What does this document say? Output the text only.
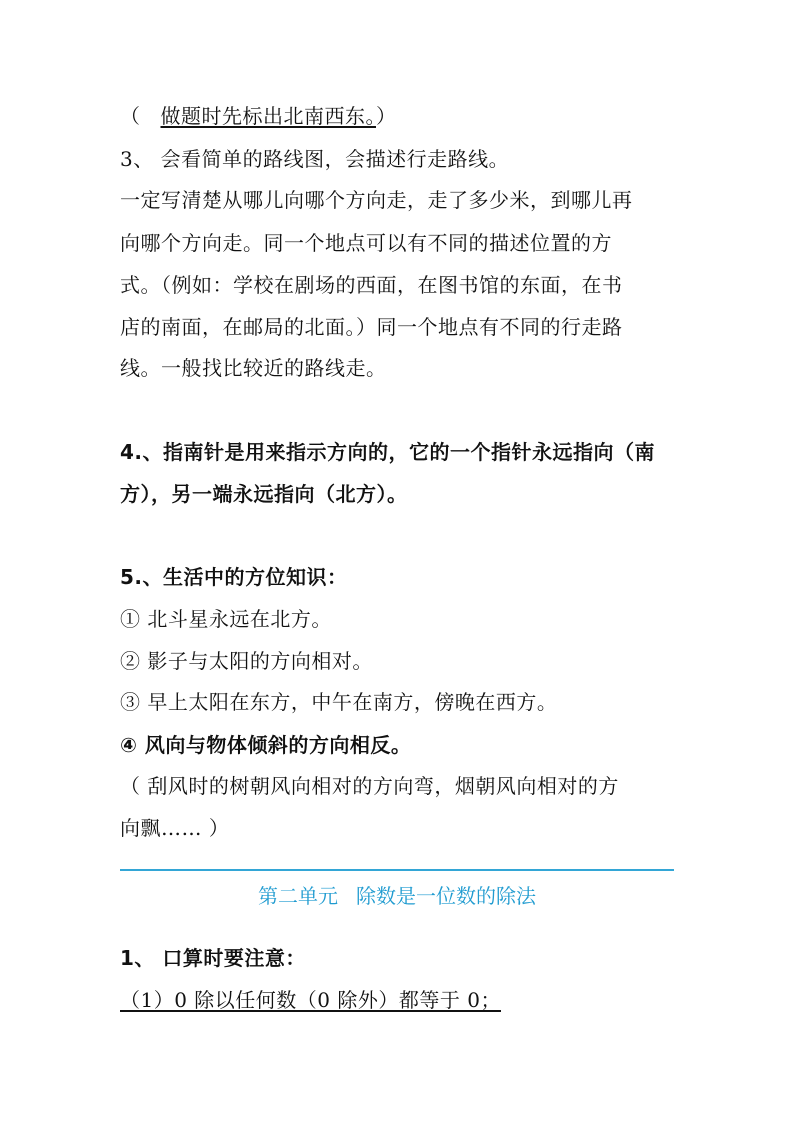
（ 做题时先标出北南西东。）
3、 会看简单的路线图，会描述行走路线。
一定写清楚从哪儿向哪个方向走，走了多少米，到哪儿再
向哪个方向走。同一个地点可以有不同的描述位置的方
式。（例如：学校在剧场的西面，在图书馆的东面，在书
店的南面，在邮局的北面。）同一个地点有不同的行走路
线。一般找比较近的路线走。
4.、指南针是用来指示方向的，它的一个指针永远指向（南
方），另一端永远指向（北方）。
5.、生活中的方位知识：
① 北斗星永远在北方。
② 影子与太阳的方向相对。
③ 早上太阳在东方，中午在南方，傍晚在西方。
④ 风向与物体倾斜的方向相反。
（ 刮风时的树朝风向相对的方向弯，烟朝风向相对的方
向飘…… ）
第二单元 除数是一位数的除法
1、 口算时要注意：
（1）0 除以任何数（0 除外）都等于 0；
